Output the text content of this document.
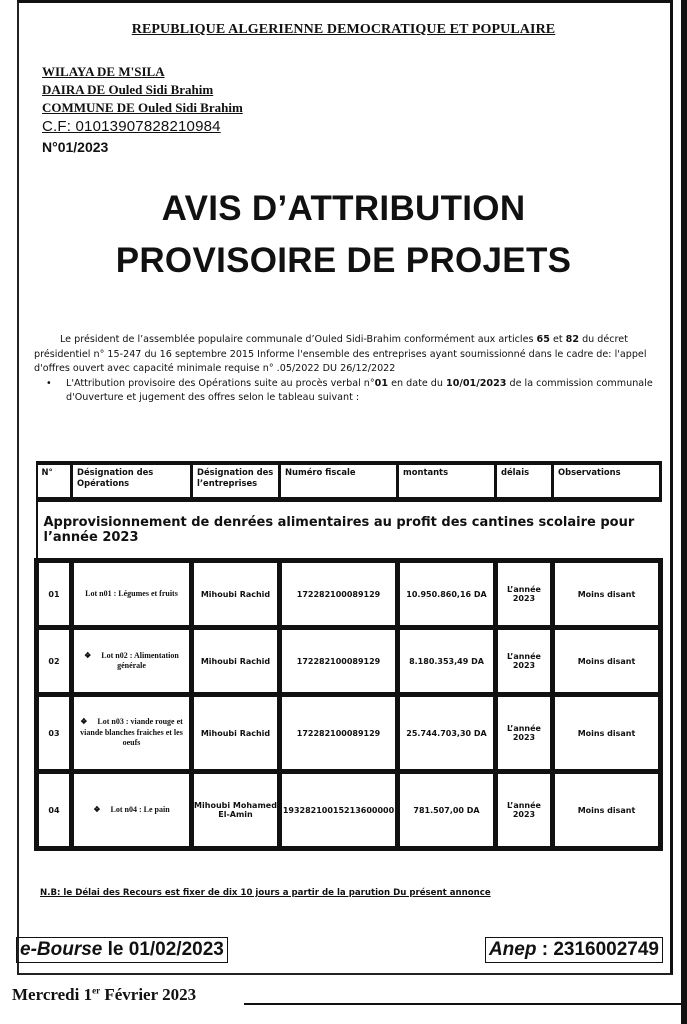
REPUBLIQUE ALGERIENNE DEMOCRATIQUE ET POPULAIRE
WILAYA DE M'SILA
DAIRA DE Ouled Sidi Brahim
COMMUNE DE Ouled Sidi Brahim
C.F: 01013907828210984
N°01/2023
AVIS D’ATTRIBUTION
PROVISOIRE DE PROJETS

Le président de l’assemblée populaire communale d’Ouled Sidi-Brahim conformément aux articles 65 et 82 du décret présidentiel n° 15-247 du 16 septembre 2015 Informe l'ensemble des entreprises ayant soumissionné dans le cadre de: l'appel d'offres ouvert avec capacité minimale requise n° .05/2022 DU 26/12/2022

•	L'Attribution provisoire des Opérations suite au procès verbal n°01 en date du 10/01/2023 de la commission communale d'Ouverture et jugement des offres selon le tableau suivant :
N°	Désignation des Opérations	Désignation des l’entreprises	Numéro fiscale	montants	délais	Observations
Approvisionnement de denrées alimentaires au profit des cantines scolaire pour l’année 2023						
01	Lot n01 : Légumes et fruits	Mihoubi Rachid	172282100089129	10.950.860,16 DA	L’année 2023	Moins disant
02	❖ Lot n02 : Alimentation générale	Mihoubi Rachid	172282100089129	8.180.353,49 DA	L’année 2023	Moins disant
03	❖ Lot n03 : viande rouge et viande blanches fraiches et les oeufs	Mihoubi Rachid	172282100089129	25.744.703,30 DA	L’année 2023	Moins disant
04	❖ Lot n04 : Le pain	Mihoubi Mohamed El-Amin	19328210015213600000	781.507,00 DA	L’année 2023	Moins disant
N.B: le Délai des Recours est fixer de dix 10 jours a partir de la parution Du présent annonce
e-Bourse le 01/02/2023	Anep : 2316002749
Mercredi 1er Février 2023
